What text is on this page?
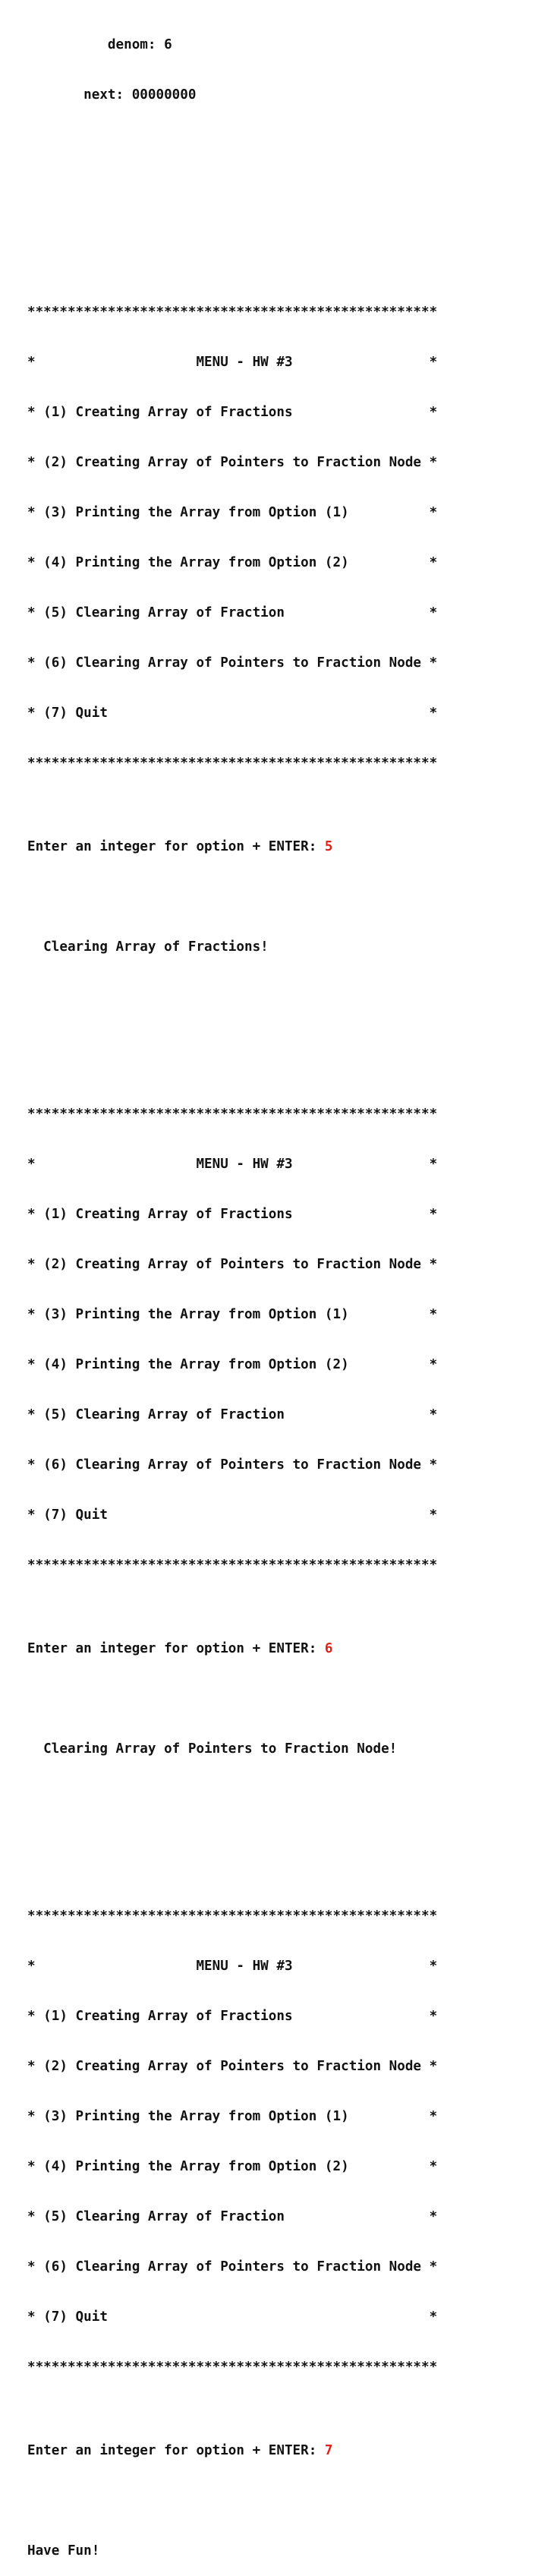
denom: 6

next: 00000000

***************************************************

*                    MENU - HW #3                 *

* (1) Creating Array of Fractions                 *

* (2) Creating Array of Pointers to Fraction Node *

* (3) Printing the Array from Option (1)          *

* (4) Printing the Array from Option (2)          *

* (5) Clearing Array of Fraction                  *

* (6) Clearing Array of Pointers to Fraction Node *

* (7) Quit                                        *

***************************************************

Enter an integer for option + ENTER: 5

Clearing Array of Fractions!

***************************************************

*                    MENU - HW #3                 *

* (1) Creating Array of Fractions                 *

* (2) Creating Array of Pointers to Fraction Node *

* (3) Printing the Array from Option (1)          *

* (4) Printing the Array from Option (2)          *

* (5) Clearing Array of Fraction                  *

* (6) Clearing Array of Pointers to Fraction Node *

* (7) Quit                                        *

***************************************************

Enter an integer for option + ENTER: 6

Clearing Array of Pointers to Fraction Node!

***************************************************

*                    MENU - HW #3                 *

* (1) Creating Array of Fractions                 *

* (2) Creating Array of Pointers to Fraction Node *

* (3) Printing the Array from Option (1)          *

* (4) Printing the Array from Option (2)          *

* (5) Clearing Array of Fraction                  *

* (6) Clearing Array of Pointers to Fraction Node *

* (7) Quit                                        *

***************************************************

Enter an integer for option + ENTER: 7

Have Fun!
